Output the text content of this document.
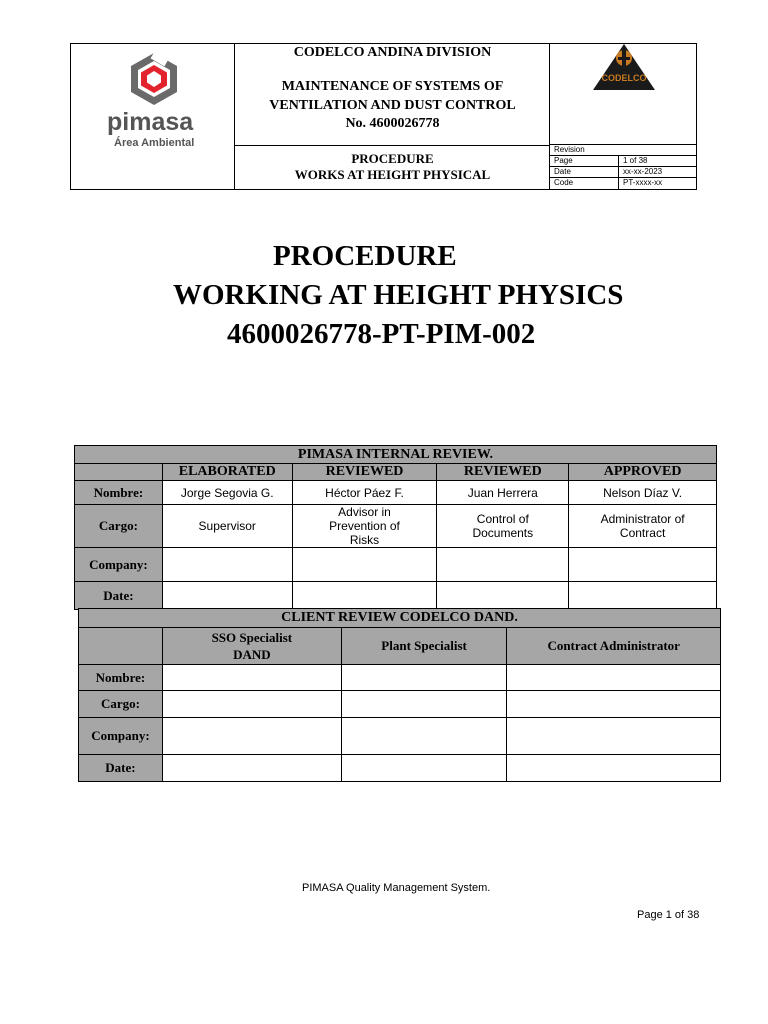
pimasa
Área Ambiental
CODELCO ANDINA DIVISION
MAINTENANCE OF SYSTEMS OF
VENTILATION AND DUST CONTROL
No. 4600026778
PROCEDURE
WORKS AT HEIGHT PHYSICAL
CODELCO
Revision
Page	1 of 38
Date	xx-xx-2023
Code	PT-xxxx-xx
PROCEDURE
WORKING AT HEIGHT PHYSICS
4600026778-PT-PIM-002
PIMASA INTERNAL REVIEW.				
	ELABORATED	REVIEWED	REVIEWED	APPROVED
Nombre:	Jorge Segovia G.	Héctor Páez F.	Juan Herrera	Nelson Díaz V.
Cargo:	Supervisor	Advisor in Prevention of Risks	Control of Documents	Administrator of Contract
Company:				
Date:				
CLIENT REVIEW CODELCO DAND.			
	SSO Specialist DAND	Plant Specialist	Contract Administrator
Nombre:			
Cargo:			
Company:			
Date:			
PIMASA Quality Management System.
Page 1 of 38
